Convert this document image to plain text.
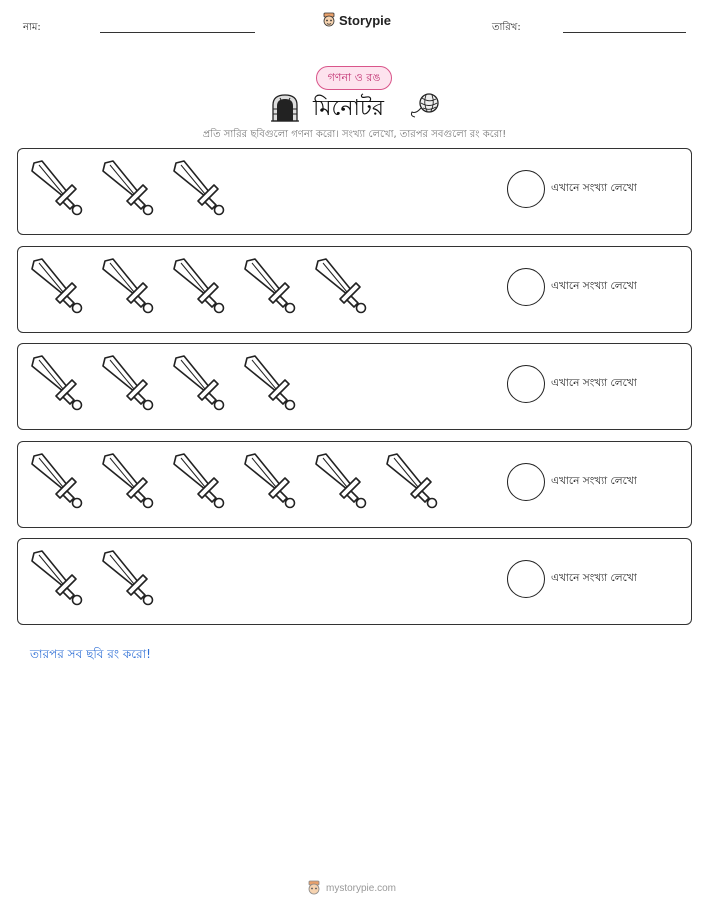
নাম:	Storypie	তারিখ:
গণনা ও রঙ
মিনোটর
প্রতি সারির ছবিগুলো গণনা করো। সংখ্যা লেখো, তারপর সবগুলো রং করো!
এখানে সংখ্যা লেখো
এখানে সংখ্যা লেখো
এখানে সংখ্যা লেখো
এখানে সংখ্যা লেখো
এখানে সংখ্যা লেখো
তারপর সব ছবি রং করো!
mystorypie.com
